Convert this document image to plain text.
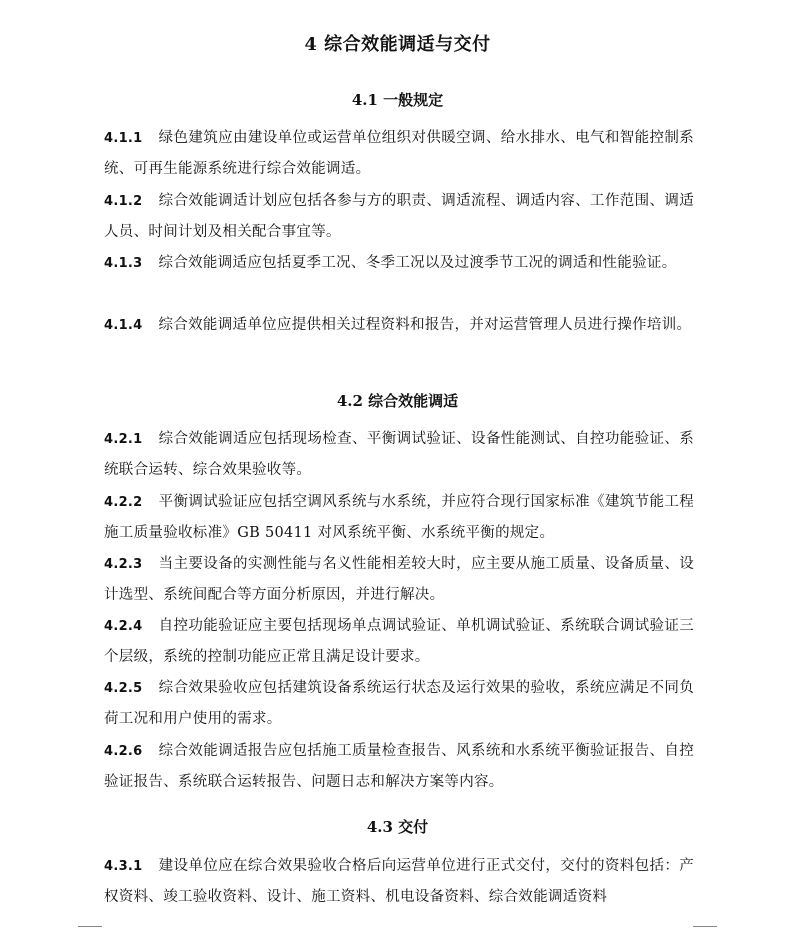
4 综合效能调适与交付
4.1 一般规定
4.1.1 绿色建筑应由建设单位或运营单位组织对供暖空调、给水排水、电气和智能控制系统、可再生能源系统进行综合效能调适。
4.1.2 综合效能调适计划应包括各参与方的职责、调适流程、调适内容、工作范围、调适人员、时间计划及相关配合事宜等。
4.1.3 综合效能调适应包括夏季工况、冬季工况以及过渡季节工况的调适和性能验证。
4.1.4 综合效能调适单位应提供相关过程资料和报告，并对运营管理人员进行操作培训。
4.2 综合效能调适
4.2.1 综合效能调适应包括现场检查、平衡调试验证、设备性能测试、自控功能验证、系统联合运转、综合效果验收等。
4.2.2 平衡调试验证应包括空调风系统与水系统，并应符合现行国家标准《建筑节能工程施工质量验收标准》GB 50411 对风系统平衡、水系统平衡的规定。
4.2.3 当主要设备的实测性能与名义性能相差较大时，应主要从施工质量、设备质量、设计选型、系统间配合等方面分析原因，并进行解决。
4.2.4 自控功能验证应主要包括现场单点调试验证、单机调试验证、系统联合调试验证三个层级，系统的控制功能应正常且满足设计要求。
4.2.5 综合效果验收应包括建筑设备系统运行状态及运行效果的验收，系统应满足不同负荷工况和用户使用的需求。
4.2.6 综合效能调适报告应包括施工质量检查报告、风系统和水系统平衡验证报告、自控验证报告、系统联合运转报告、问题日志和解决方案等内容。
4.3 交付
4.3.1 建设单位应在综合效果验收合格后向运营单位进行正式交付，交付的资料包括：产权资料、竣工验收资料、设计、施工资料、机电设备资料、综合效能调适资料
